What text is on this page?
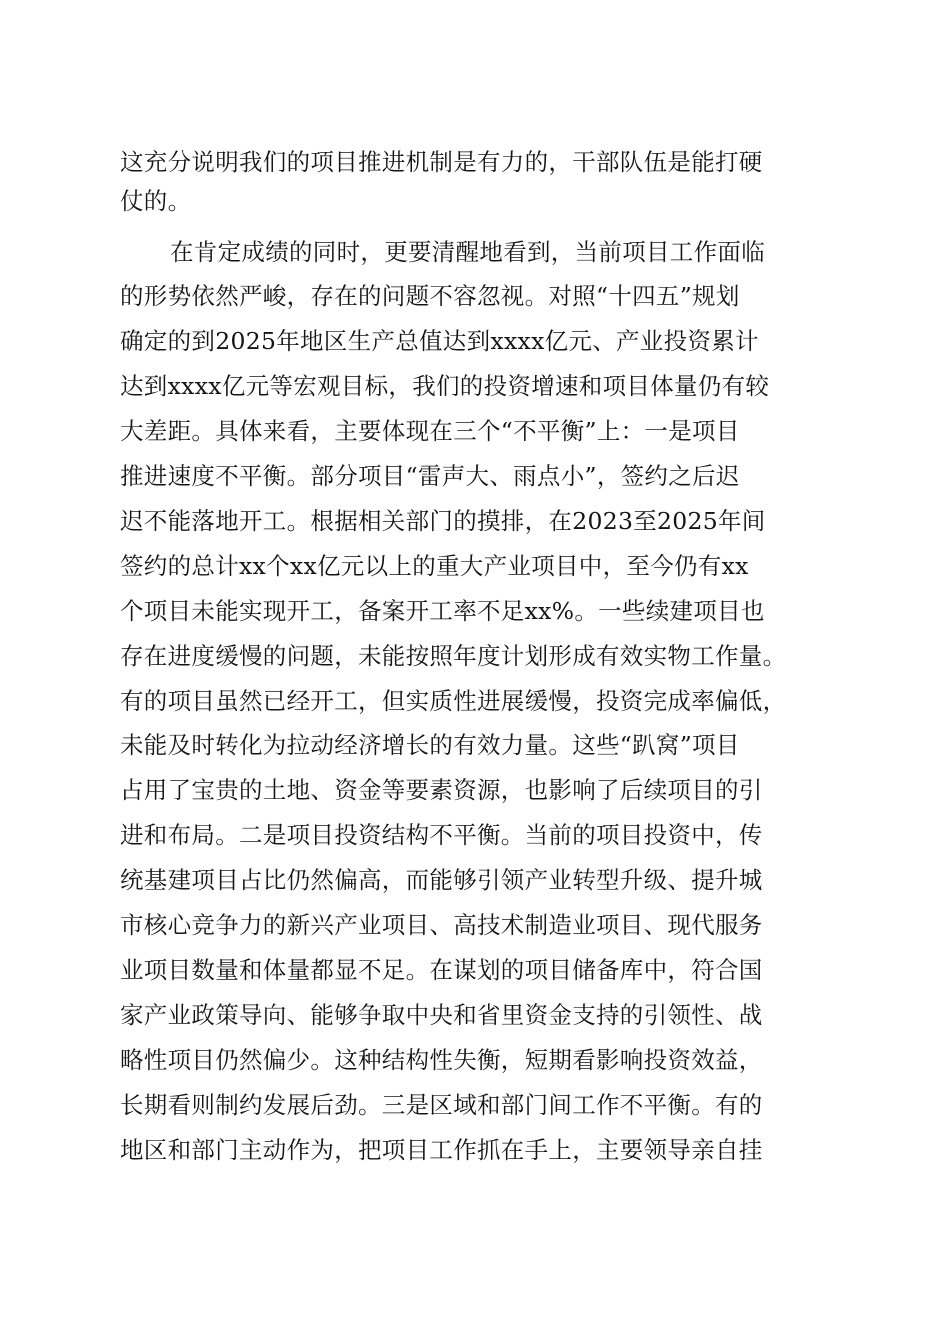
这充分说明我们的项目推进机制是有力的，干部队伍是能打硬
仗的。
在肯定成绩的同时，更要清醒地看到，当前项目工作面临
的形势依然严峻，存在的问题不容忽视。对照“十四五”规划
确定的到2025年地区生产总值达到xxxx亿元、产业投资累计
达到xxxx亿元等宏观目标，我们的投资增速和项目体量仍有较
大差距。具体来看，主要体现在三个“不平衡”上：一是项目
推进速度不平衡。部分项目“雷声大、雨点小”，签约之后迟
迟不能落地开工。根据相关部门的摸排，在2023至2025年间
签约的总计xx个xx亿元以上的重大产业项目中，至今仍有xx
个项目未能实现开工，备案开工率不足xx%。一些续建项目也
存在进度缓慢的问题，未能按照年度计划形成有效实物工作量。
有的项目虽然已经开工，但实质性进展缓慢，投资完成率偏低，
未能及时转化为拉动经济增长的有效力量。这些“趴窝”项目
占用了宝贵的土地、资金等要素资源，也影响了后续项目的引
进和布局。二是项目投资结构不平衡。当前的项目投资中，传
统基建项目占比仍然偏高，而能够引领产业转型升级、提升城
市核心竞争力的新兴产业项目、高技术制造业项目、现代服务
业项目数量和体量都显不足。在谋划的项目储备库中，符合国
家产业政策导向、能够争取中央和省里资金支持的引领性、战
略性项目仍然偏少。这种结构性失衡，短期看影响投资效益，
长期看则制约发展后劲。三是区域和部门间工作不平衡。有的
地区和部门主动作为，把项目工作抓在手上，主要领导亲自挂
